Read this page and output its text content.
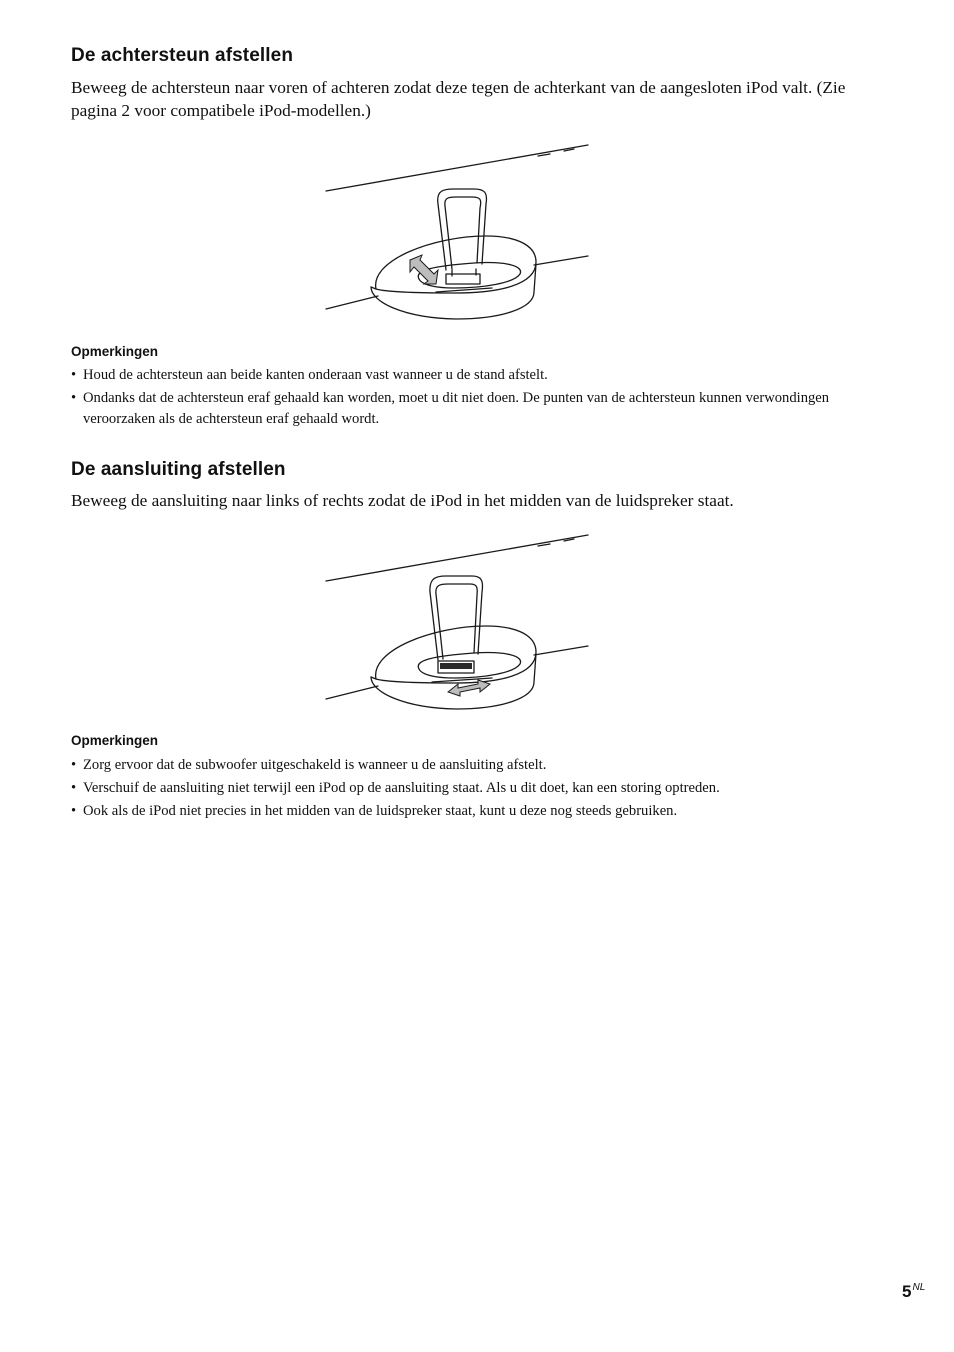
De achtersteun afstellen

Beweeg de achtersteun naar voren of achteren zodat deze tegen de achterkant van de aangesloten iPod valt. (Zie pagina 2 voor compatibele iPod-modellen.)

Opmerkingen
• Houd de achtersteun aan beide kanten onderaan vast wanneer u de stand afstelt.
• Ondanks dat de achtersteun eraf gehaald kan worden, moet u dit niet doen. De punten van de achtersteun kunnen verwondingen veroorzaken als de achtersteun eraf gehaald wordt.
De aansluiting afstellen

Beweeg de aansluiting naar links of rechts zodat de iPod in het midden van de luidspreker staat.

Opmerkingen
• Zorg ervoor dat de subwoofer uitgeschakeld is wanneer u de aansluiting afstelt.
• Verschuif de aansluiting niet terwijl een iPod op de aansluiting staat. Als u dit doet, kan een storing optreden.
• Ook als de iPod niet precies in het midden van de luidspreker staat, kunt u deze nog steeds gebruiken.
$5^{NL}$
